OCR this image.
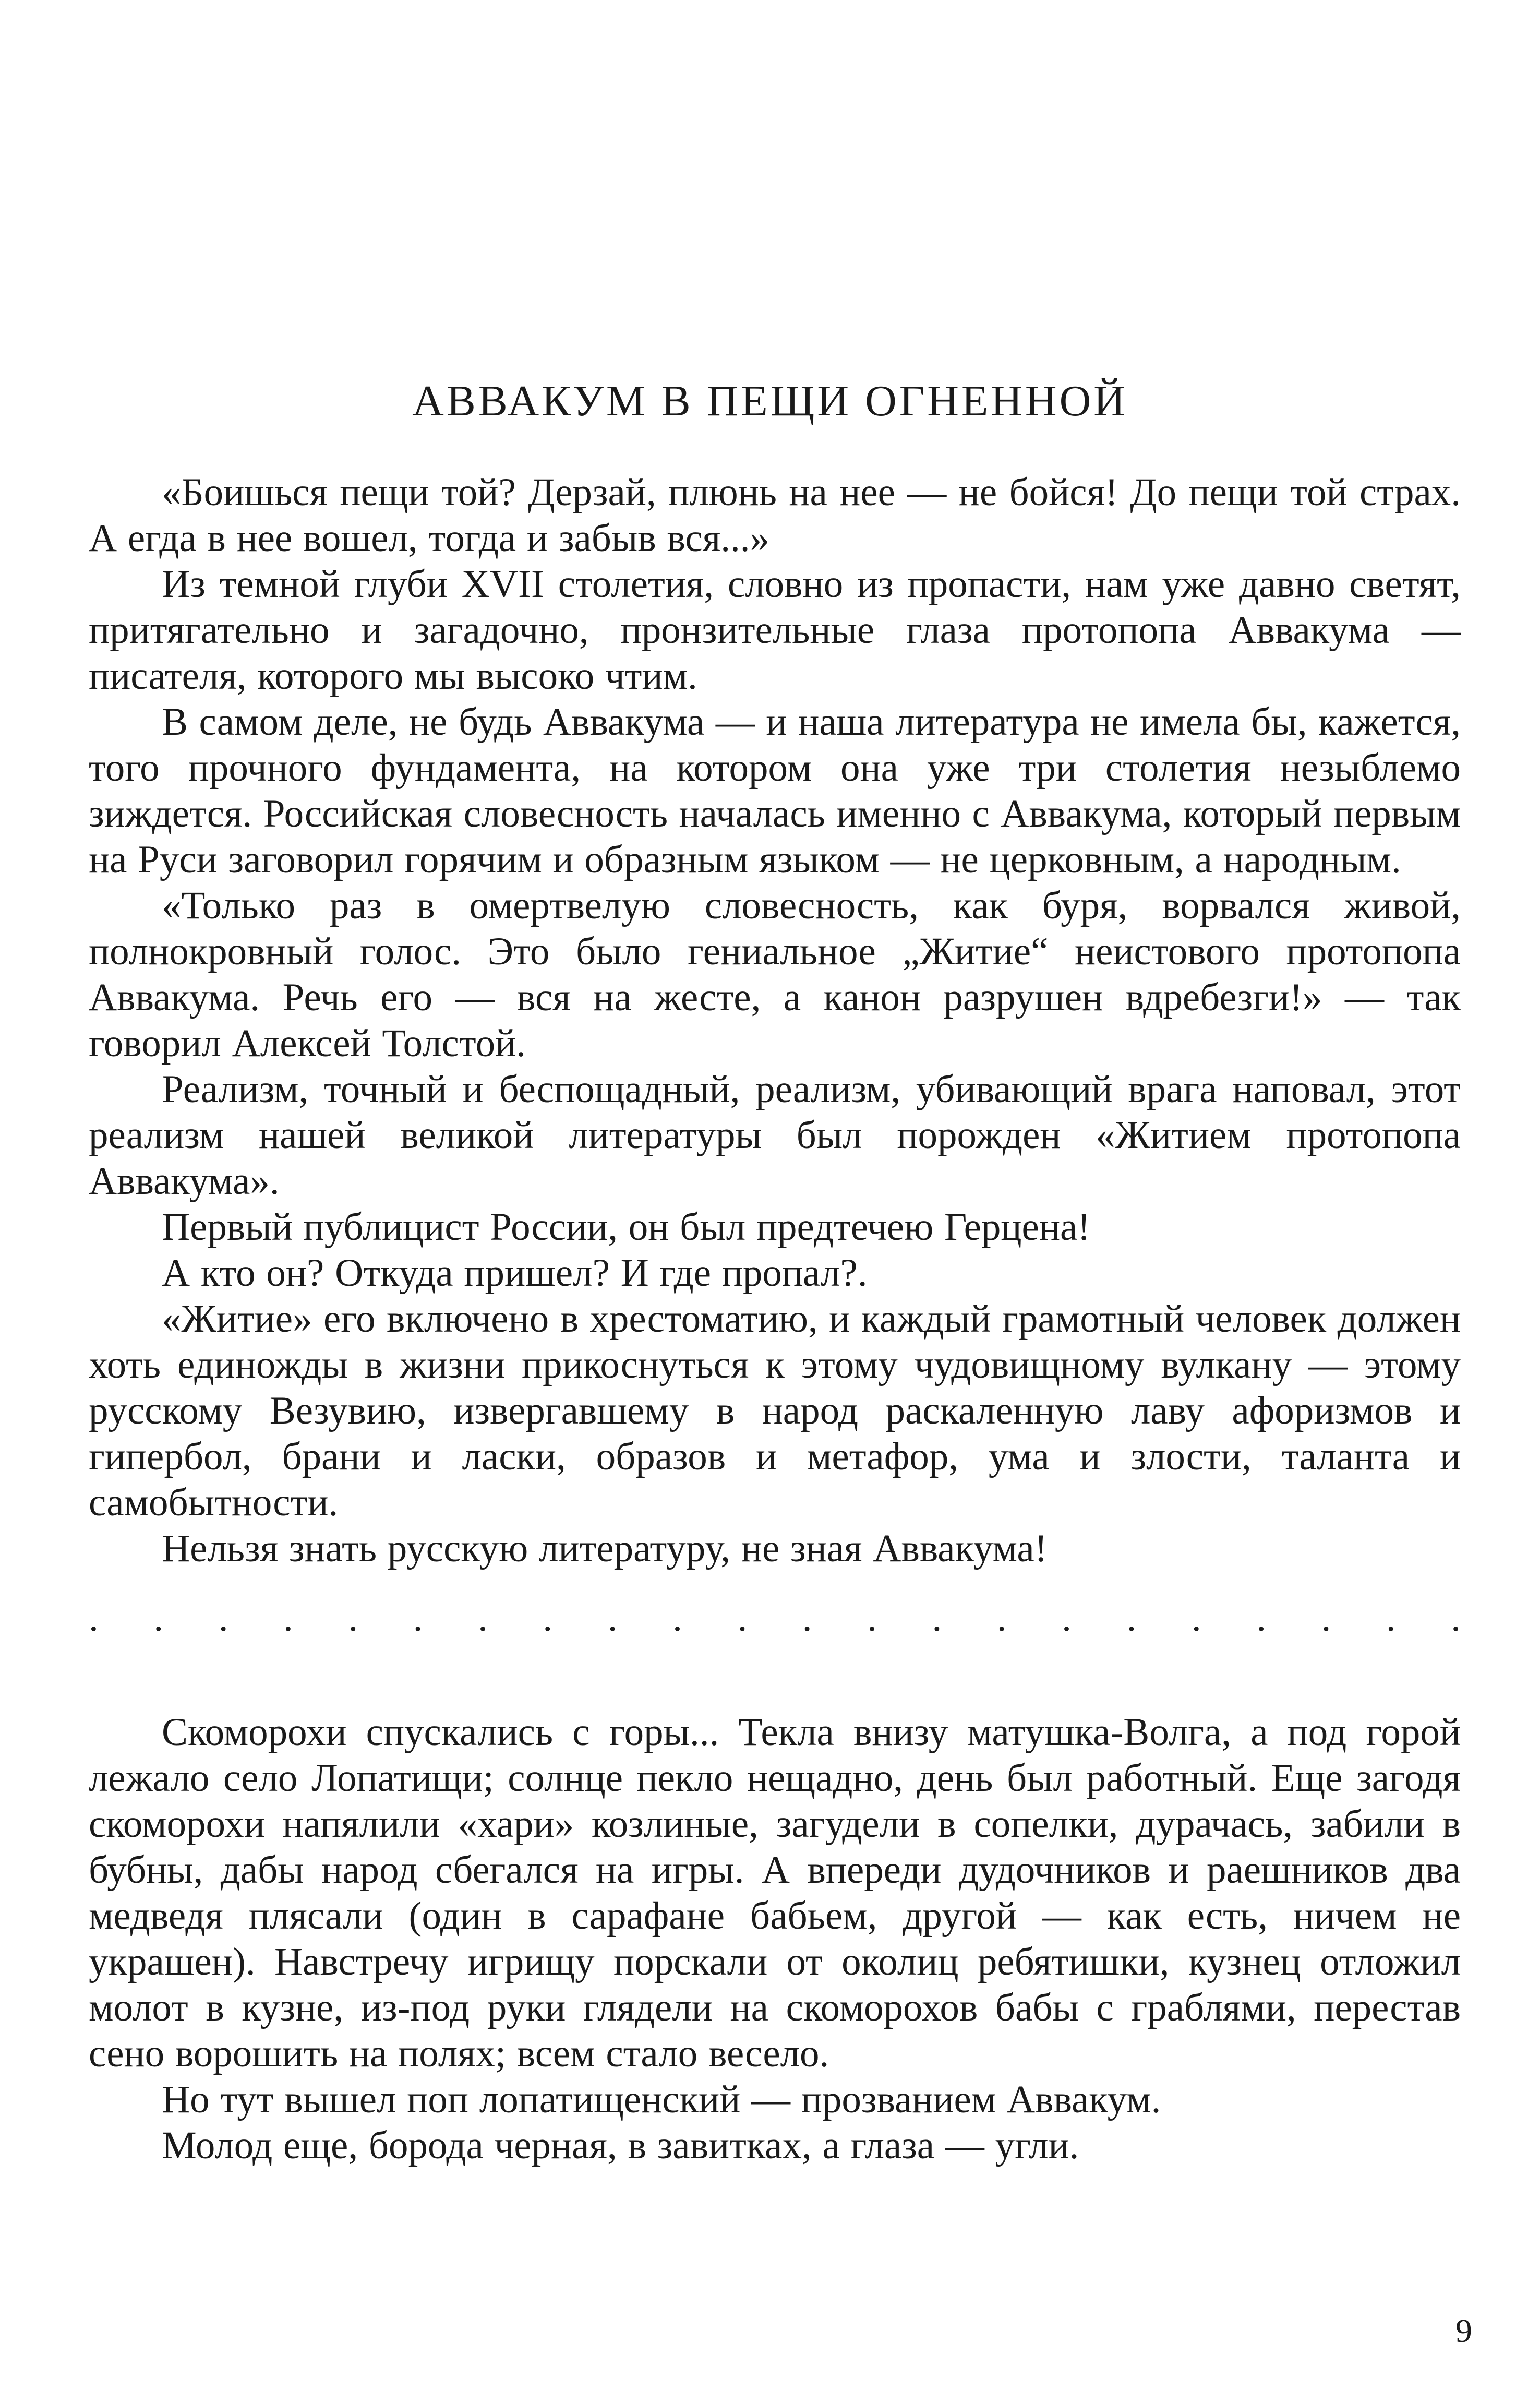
АВВАКУМ В ПЕЩИ ОГНЕННОЙ

«Боишься пещи той? Дерзай, плюнь на нее — не бойся! До пещи той страх. А егда в нее вошел, тогда и забыв вся...»

Из темной глуби XVII столетия, словно из пропасти, нам уже давно светят, притягательно и загадочно, пронзительные глаза протопопа Аввакума — писателя, которого мы высоко чтим.

В самом деле, не будь Аввакума — и наша литература не имела бы, кажется, того прочного фундамента, на котором она уже три столетия незыблемо зиждется. Российская словесность началась именно с Аввакума, который первым на Руси заговорил горячим и образным языком — не церковным, а народным.

«Только раз в омертвелую словесность, как буря, ворвался живой, полнокровный голос. Это было гениальное „Житие“ неистового протопопа Аввакума. Речь его — вся на жесте, а канон разрушен вдребезги!» — так говорил Алексей Толстой.

Реализм, точный и беспощадный, реализм, убивающий врага наповал, этот реализм нашей великой литературы был порожден «Житием протопопа Аввакума».

Первый публицист России, он был предтечею Герцена!

А кто он? Откуда пришел? И где пропал?.

«Житие» его включено в хрестоматию, и каждый грамотный человек должен хоть единожды в жизни прикоснуться к этому чудовищному вулкану — этому русскому Везувию, извергавшему в народ раскаленную лаву афоризмов и гипербол, брани и ласки, образов и метафор, ума и злости, таланта и самобытности.

Нельзя знать русскую литературу, не зная Аввакума!

. . . . . . . . . . . . . . . . . . . . . .

Скоморохи спускались с горы... Текла внизу матушка-Волга, а под горой лежало село Лопатищи; солнце пекло нещадно, день был работный. Еще загодя скоморохи напялили «хари» козлиные, загудели в сопелки, дурачась, забили в бубны, дабы народ сбегался на игры. А впереди дудочников и раешников два медведя плясали (один в сарафане бабьем, другой — как есть, ничем не украшен). Навстречу игрищу порскали от околиц ребятишки, кузнец отложил молот в кузне, из-под руки глядели на скоморохов бабы с граблями, перестав сено ворошить на полях; всем стало весело.

Но тут вышел поп лопатищенский — прозванием Аввакум.

Молод еще, борода черная, в завитках, а глаза — угли.

9
